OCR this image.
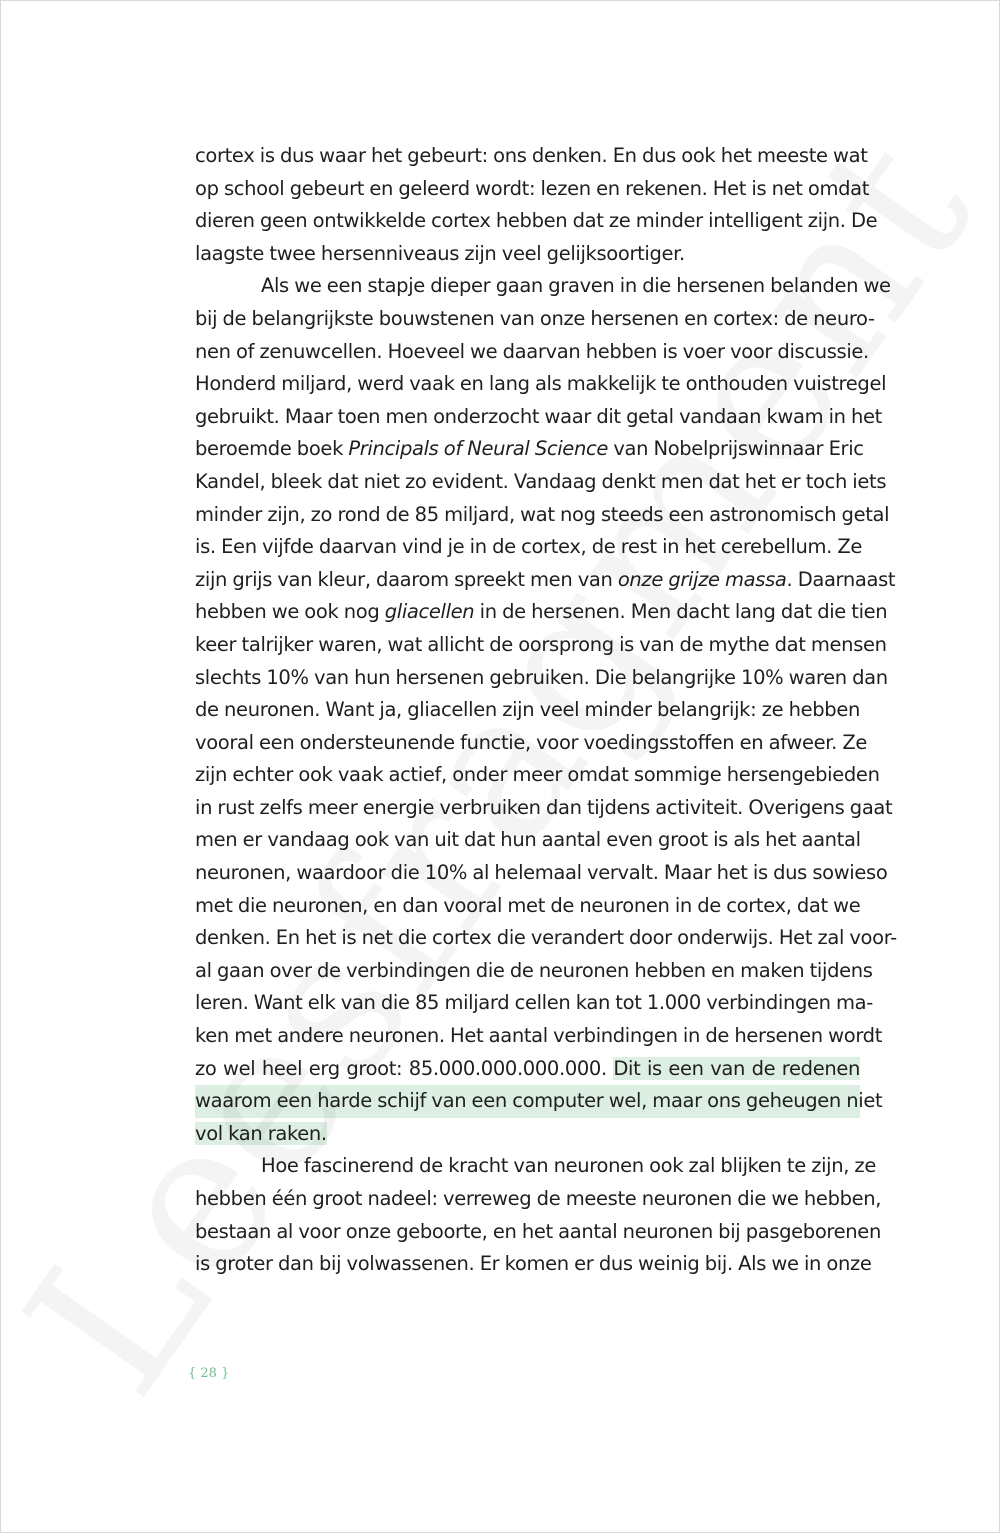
cortex is dus waar het gebeurt: ons denken. En dus ook het meeste wat
op school gebeurt en geleerd wordt: lezen en rekenen. Het is net omdat
dieren geen ontwikkelde cortex hebben dat ze minder intelligent zijn. De
laagste twee hersenniveaus zijn veel gelijksoortiger.
Als we een stapje dieper gaan graven in die hersenen belanden we
bij de belangrijkste bouwstenen van onze hersenen en cortex: de neuro-
nen of zenuwcellen. Hoeveel we daarvan hebben is voer voor discussie.
Honderd miljard, werd vaak en lang als makkelijk te onthouden vuistregel
gebruikt. Maar toen men onderzocht waar dit getal vandaan kwam in het
beroemde boek Principals of Neural Science van Nobelprijswinnaar Eric
Kandel, bleek dat niet zo evident. Vandaag denkt men dat het er toch iets
minder zijn, zo rond de 85 miljard, wat nog steeds een astronomisch getal
is. Een vijfde daarvan vind je in de cortex, de rest in het cerebellum. Ze
zijn grijs van kleur, daarom spreekt men van onze grijze massa. Daarnaast
hebben we ook nog gliacellen in de hersenen. Men dacht lang dat die tien
keer talrijker waren, wat allicht de oorsprong is van de mythe dat mensen
slechts 10% van hun hersenen gebruiken. Die belangrijke 10% waren dan
de neuronen. Want ja, gliacellen zijn veel minder belangrijk: ze hebben
vooral een ondersteunende functie, voor voedingsstoffen en afweer. Ze
zijn echter ook vaak actief, onder meer omdat sommige hersengebieden
in rust zelfs meer energie verbruiken dan tijdens activiteit. Overigens gaat
men er vandaag ook van uit dat hun aantal even groot is als het aantal
neuronen, waardoor die 10% al helemaal vervalt. Maar het is dus sowieso
met die neuronen, en dan vooral met de neuronen in de cortex, dat we
denken. En het is net die cortex die verandert door onderwijs. Het zal voor-
al gaan over de verbindingen die de neuronen hebben en maken tijdens
leren. Want elk van die 85 miljard cellen kan tot 1.000 verbindingen ma-
ken met andere neuronen. Het aantal verbindingen in de hersenen wordt
zo wel heel erg groot: 85.000.000.000.000. Dit is een van de redenen
waarom een harde schijf van een computer wel, maar ons geheugen niet
vol kan raken.
Hoe fascinerend de kracht van neuronen ook zal blijken te zijn, ze
hebben één groot nadeel: verreweg de meeste neuronen die we hebben,
bestaan al voor onze geboorte, en het aantal neuronen bij pasgeborenen
is groter dan bij volwassenen. Er komen er dus weinig bij. Als we in onze
{ 28 }
